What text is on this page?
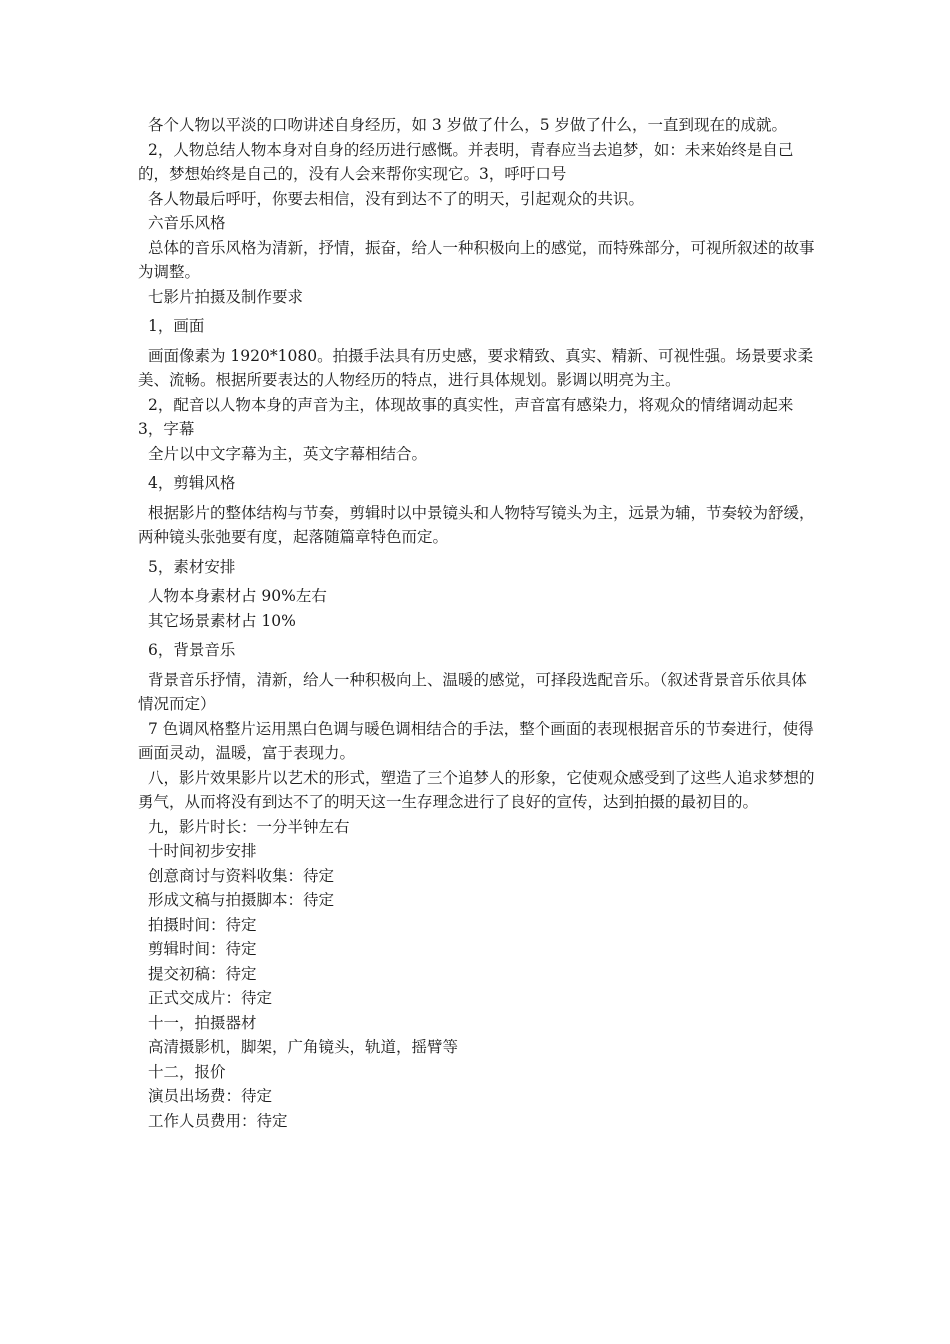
各个人物以平淡的口吻讲述自身经历，如 3 岁做了什么，5 岁做了什么，一直到现在的成就。

2，人物总结人物本身对自身的经历进行感慨。并表明，青春应当去追梦，如：未来始终是自己的，梦想始终是自己的，没有人会来帮你实现它。3，呼吁口号

各人物最后呼吁，你要去相信，没有到达不了的明天，引起观众的共识。

六音乐风格

总体的音乐风格为清新，抒情，振奋，给人一种积极向上的感觉，而特殊部分，可视所叙述的故事为调整。

七影片拍摄及制作要求

1，画面

画面像素为 1920*1080。拍摄手法具有历史感，要求精致、真实、精新、可视性强。场景要求柔美、流畅。根据所要表达的人物经历的特点，进行具体规划。影调以明亮为主。

2，配音以人物本身的声音为主，体现故事的真实性，声音富有感染力，将观众的情绪调动起来 3，字幕

全片以中文字幕为主，英文字幕相结合。

4，剪辑风格

根据影片的整体结构与节奏，剪辑时以中景镜头和人物特写镜头为主，远景为辅，节奏较为舒缓，两种镜头张弛要有度，起落随篇章特色而定。

5，素材安排

人物本身素材占 90%左右

其它场景素材占 10%

6，背景音乐

背景音乐抒情，清新，给人一种积极向上、温暖的感觉，可择段选配音乐。（叙述背景音乐依具体情况而定）

7 色调风格整片运用黑白色调与暖色调相结合的手法，整个画面的表现根据音乐的节奏进行，使得画面灵动，温暖，富于表现力。

八，影片效果影片以艺术的形式，塑造了三个追梦人的形象，它使观众感受到了这些人追求梦想的勇气，从而将没有到达不了的明天这一生存理念进行了良好的宣传，达到拍摄的最初目的。

九，影片时长：一分半钟左右

十时间初步安排

创意商讨与资料收集：待定

形成文稿与拍摄脚本：待定

拍摄时间：待定

剪辑时间：待定

提交初稿：待定

正式交成片：待定

十一，拍摄器材

高清摄影机，脚架，广角镜头，轨道，摇臂等

十二，报价

演员出场费：待定

工作人员费用：待定
